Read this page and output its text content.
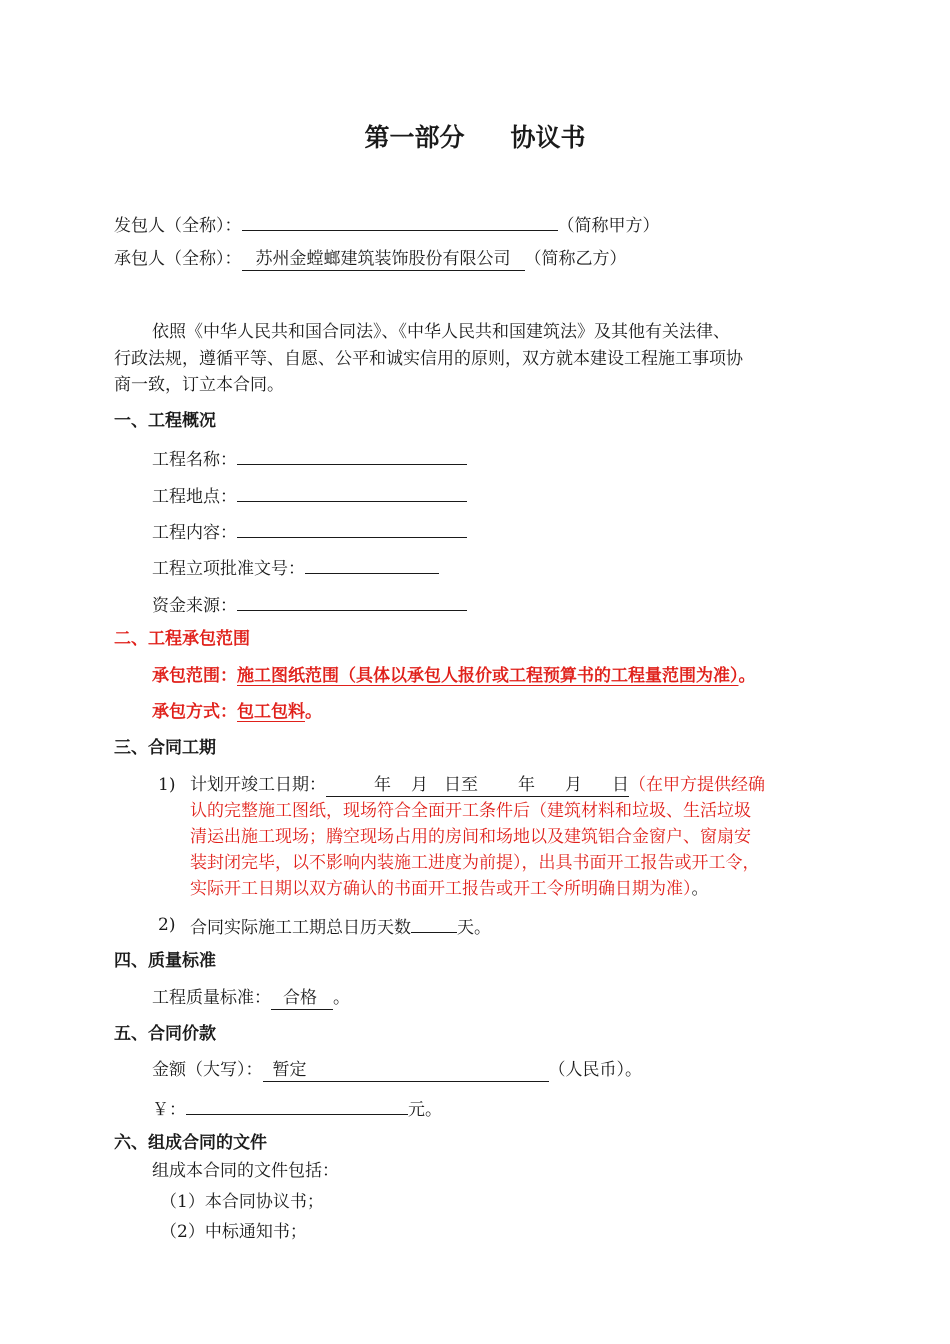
第一部分 协议书
发包人（全称）：	（简称甲方）
承包人（全称）： 苏州金螳螂建筑装饰股份有限公司 （简称乙方）
依照《中华人民共和国合同法》、《中华人民共和国建筑法》及其他有关法律、
行政法规，遵循平等、自愿、公平和诚实信用的原则，双方就本建设工程施工事项协
商一致，订立本合同。
一、工程概况
工程名称：
工程地点：
工程内容：
工程立项批准文号：
资金来源：
二、工程承包范围
承包范围：施工图纸范围（具体以承包人报价或工程预算书的工程量范围为准）。
承包方式：包工包料。
三、合同工期
1) 计划开竣工日期：	年 月 日至 年 月 日（在甲方提供经确
认的完整施工图纸，现场符合全面开工条件后（建筑材料和垃圾、生活垃圾
清运出施工现场；腾空现场占用的房间和场地以及建筑铝合金窗户、窗扇安
装封闭完毕，以不影响内装施工进度为前提），出具书面开工报告或开工令，
实际开工日期以双方确认的书面开工报告或开工令所明确日期为准）。
2) 合同实际施工工期总日历天数	天。
四、质量标准
工程质量标准： 合格 。
五、合同价款
金额（大写）： 暂定	（人民币）。
￥：	元。
六、组成合同的文件
组成本合同的文件包括：
（1）本合同协议书；
（2）中标通知书；
